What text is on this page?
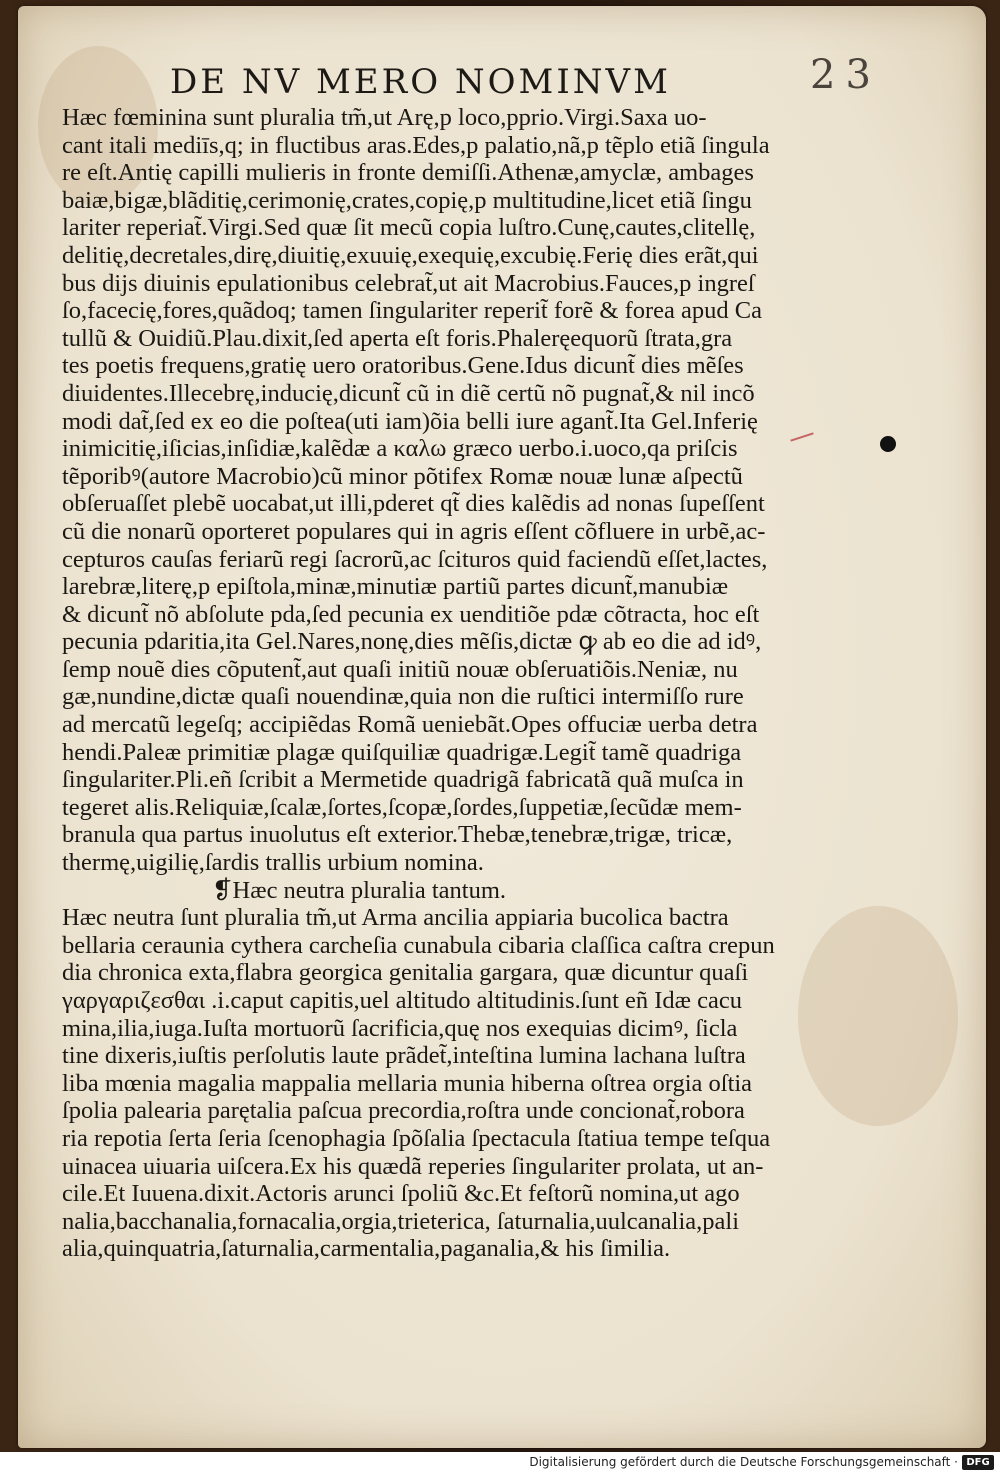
DE NV MERO NOMINVM	23
Hæc fœminina sunt pluralia tm̃,ut Arę,p loco,pprio.Virgi.Saxa uo-
cant itali mediīs,q; in fluctibus aras.Edes,p palatio,nã,p tẽplo etiã ſingula
re eſt.Antię capilli mulieris in fronte demiſſi.Athenæ,amyclæ, ambages
baiæ,bigæ,blãditię,cerimonię,crates,copię,p multitudine,licet etiã ſingu
lariter reperiat̃.Virgi.Sed quæ ſit mecũ copia luſtro.Cunę,cautes,clitellę,
delitię,decretales,dirę,diuitię,exuuię,exequię,excubię.Ferię dies erãt,qui
bus dijs diuinis epulationibus celebrat̃,ut ait Macrobius.Fauces,p ingreſ
ſo,facecię,fores,quãdoq; tamen ſingulariter reperit̃ forẽ & forea apud Ca
tullũ & Ouidiũ.Plau.dixit,ſed aperta eſt foris.Phaleręequorũ ſtrata,gra
tes poetis frequens,gratię uero oratoribus.Gene.Idus dicunt̃ dies mẽſes
diuidentes.Illecebrę,inducię,dicunt̃ cũ in diẽ certũ nõ pugnat̃,& nil incõ
modi dat̃,ſed ex eo die poſtea(uti iam)õia belli iure agant̃.Ita Gel.Inferię
inimicitię,iſicias,inſidiæ,kalẽdæ a καλω græco uerbo.i.uoco,qa priſcis
tẽporibꝰ(autore Macrobio)cũ minor põtifex Romæ nouæ lunæ aſpectũ
obſeruaſſet plebẽ uocabat,ut illi,pderet qt̃ dies kalẽdis ad nonas ſupeſſent
cũ die nonarũ oporteret populares qui in agris eſſent cõfluere in urbẽ,ac-
cepturos cauſas feriarũ regi ſacrorũ,ac ſcituros quid faciendũ eſſet,lactes,
larebræ,literę,p epiſtola,minæ,minutiæ partiũ partes dicunt̃,manubiæ
& dicunt̃ nõ abſolute pda,ſed pecunia ex uenditiõe pdæ cõtracta, hoc eſt
pecunia pdaritia,ita Gel.Nares,nonę,dies mẽſis,dictæ ꝙ ab eo die ad idꝰ,
ſemp nouẽ dies cõputent̃,aut quaſi initiũ nouæ obſeruatiõis.Neniæ, nu
gæ,nundine,dictæ quaſi nouendinæ,quia non die ruſtici intermiſſo rure
ad mercatũ legeſq; accipiẽdas Romã ueniebãt.Opes offuciæ uerba detra
hendi.Paleæ primitiæ plagæ quiſquiliæ quadrigæ.Legit̃ tamẽ quadriga
ſingulariter.Pli.eñ ſcribit a Mermetide quadrigã fabricatã quã muſca in
tegeret alis.Reliquiæ,ſcalæ,ſortes,ſcopæ,ſordes,ſuppetiæ,ſecũdæ mem-
branula qua partus inuolutus eſt exterior.Thebæ,tenebræ,trigæ, tricæ,
thermę,uigilię,ſardis trallis urbium nomina.
❡Hæc neutra pluralia tantum.
Hæc neutra ſunt pluralia tm̃,ut Arma ancilia appiaria bucolica bactra
bellaria ceraunia cythera carcheſia cunabula cibaria claſſica caſtra crepun
dia chronica exta,flabra georgica genitalia gargara, quæ dicuntur quaſi
γαργαριζεσθαι .i.caput capitis,uel altitudo altitudinis.ſunt eñ Idæ cacu
mina,ilia,iuga.Iuſta mortuorũ ſacrificia,quę nos exequias dicimꝰ, ſicla
tine dixeris,iuſtis perſolutis laute prãdet̃,inteſtina lumina lachana luſtra
liba mœnia magalia mappalia mellaria munia hiberna oſtrea orgia oſtia
ſpolia palearia parętalia paſcua precordia,roſtra unde concionat̃,robora
ria repotia ſerta ſeria ſcenophagia ſpõſalia ſpectacula ſtatiua tempe teſqua
uinacea uiuaria uiſcera.Ex his quædã reperies ſingulariter prolata, ut an-
cile.Et Iuuena.dixit.Actoris arunci ſpoliũ &c.Et feſtorũ nomina,ut ago
nalia,bacchanalia,fornacalia,orgia,trieterica, ſaturnalia,uulcanalia,pali
alia,quinquatria,ſaturnalia,carmentalia,paganalia,& his ſimilia.
Digitalisierung gefördert durch die Deutsche Forschungsgemeinschaft · DFG
